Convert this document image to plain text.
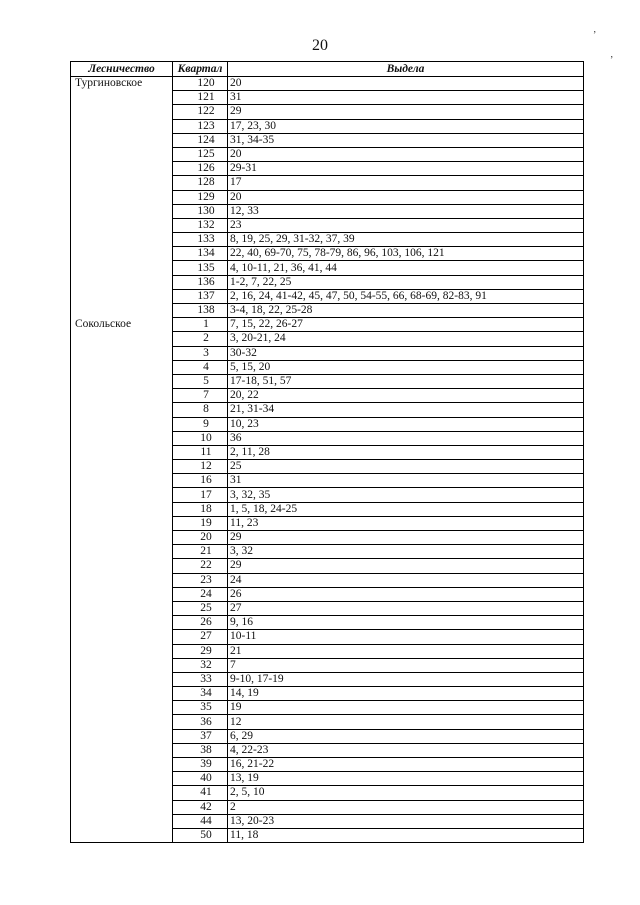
20
’
’
Лесничество	Квартал	Выдела
Тургиновское	120	20
	121	31
	122	29
	123	17, 23, 30
	124	31, 34-35
	125	20
	126	29-31
	128	17
	129	20
	130	12, 33
	132	23
	133	8, 19, 25, 29, 31-32, 37, 39
	134	22, 40, 69-70, 75, 78-79, 86, 96, 103, 106, 121
	135	4, 10-11, 21, 36, 41, 44
	136	1-2, 7, 22, 25
	137	2, 16, 24, 41-42, 45, 47, 50, 54-55, 66, 68-69, 82-83, 91
	138	3-4, 18, 22, 25-28
Сокольское	1	7, 15, 22, 26-27
	2	3, 20-21, 24
	3	30-32
	4	5, 15, 20
	5	17-18, 51, 57
	7	20, 22
	8	21, 31-34
	9	10, 23
	10	36
	11	2, 11, 28
	12	25
	16	31
	17	3, 32, 35
	18	1, 5, 18, 24-25
	19	11, 23
	20	29
	21	3, 32
	22	29
	23	24
	24	26
	25	27
	26	9, 16
	27	10-11
	29	21
	32	7
	33	9-10, 17-19
	34	14, 19
	35	19
	36	12
	37	6, 29
	38	4, 22-23
	39	16, 21-22
	40	13, 19
	41	2, 5, 10
	42	2
	44	13, 20-23
	50	11, 18
